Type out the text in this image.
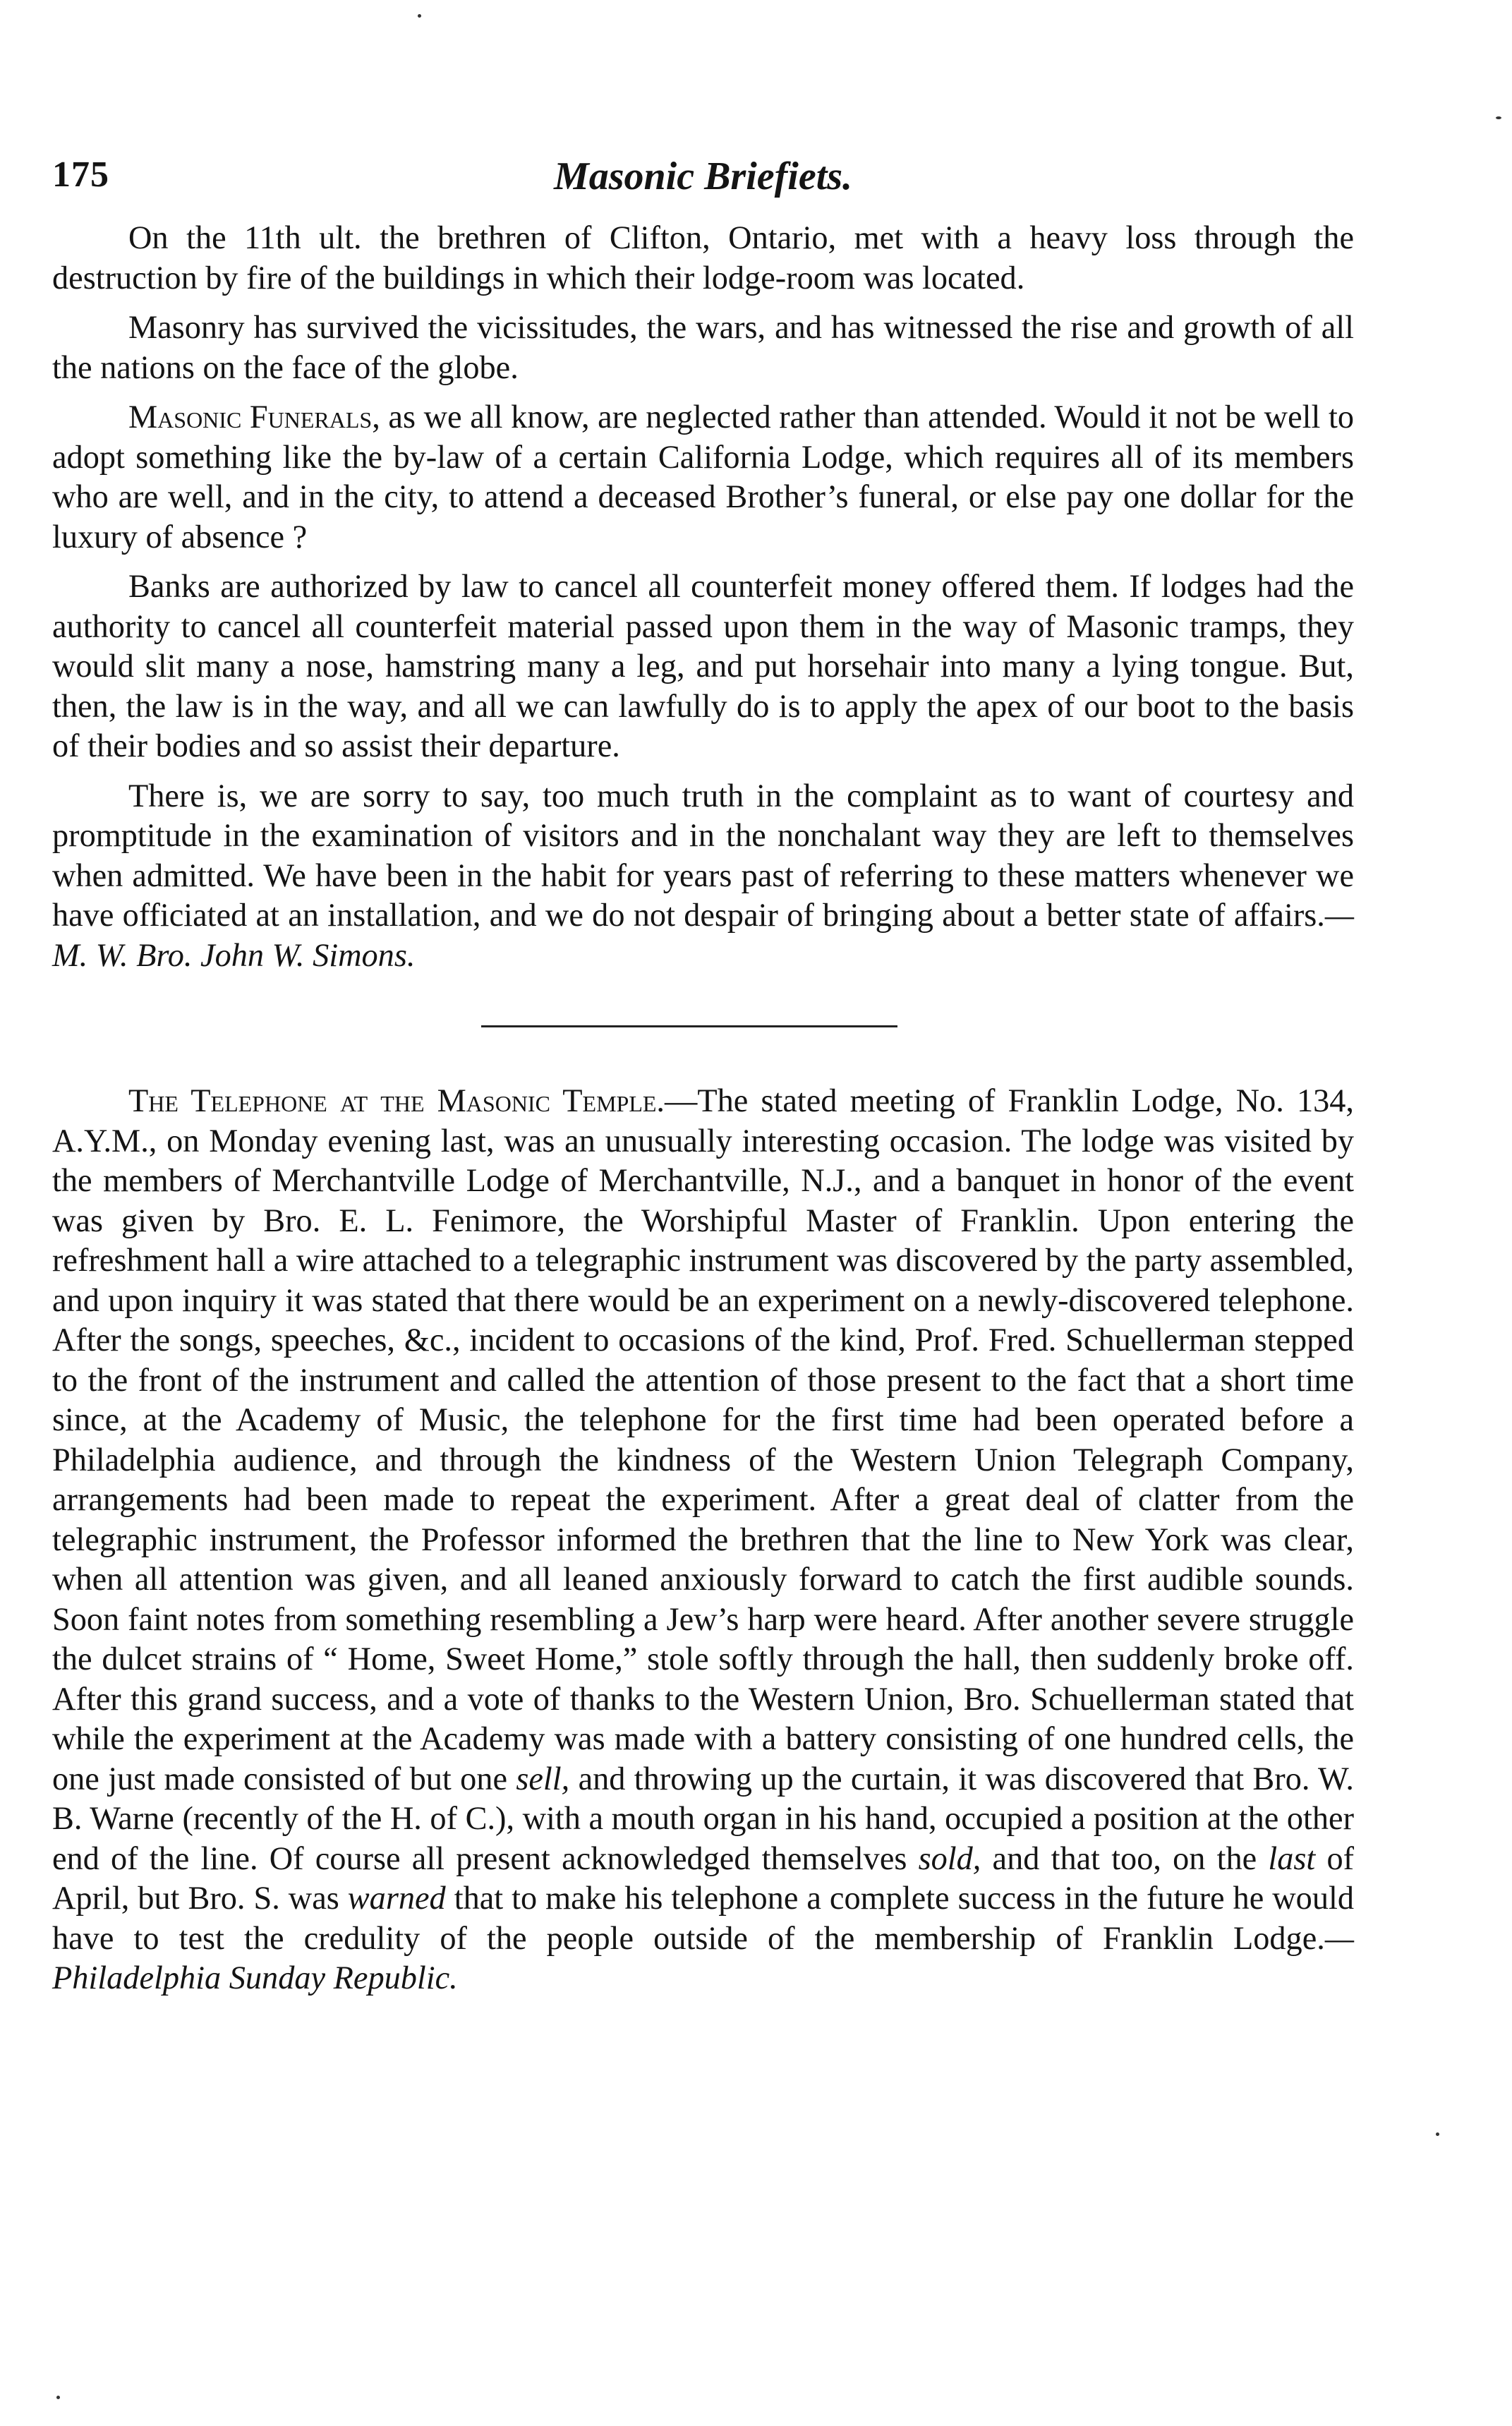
175	Masonic Briefiets.

On the 11th ult. the brethren of Clifton, Ontario, met with a heavy loss through the destruction by fire of the buildings in which their lodge-room was located.

Masonry has survived the vicissitudes, the wars, and has witnessed the rise and growth of all the nations on the face of the globe.

Masonic Funerals, as we all know, are neglected rather than attended. Would it not be well to adopt something like the by-law of a certain California Lodge, which requires all of its members who are well, and in the city, to attend a deceased Brother’s funeral, or else pay one dollar for the luxury of absence ?

Banks are authorized by law to cancel all counterfeit money offered them. If lodges had the authority to cancel all counterfeit material passed upon them in the way of Masonic tramps, they would slit many a nose, hamstring many a leg, and put horsehair into many a lying tongue. But, then, the law is in the way, and all we can lawfully do is to apply the apex of our boot to the basis of their bodies and so assist their departure.

There is, we are sorry to say, too much truth in the complaint as to want of courtesy and promptitude in the examination of visitors and in the nonchalant way they are left to themselves when admitted. We have been in the habit for years past of referring to these matters whenever we have officiated at an installation, and we do not despair of bringing about a better state of affairs.—M. W. Bro. John W. Simons.

The Telephone at the Masonic Temple.—The stated meeting of Franklin Lodge, No. 134, A.Y.M., on Monday evening last, was an unusually interesting occasion. The lodge was visited by the members of Merchantville Lodge of Merchantville, N.J., and a banquet in honor of the event was given by Bro. E. L. Fenimore, the Worshipful Master of Franklin. Upon entering the refreshment hall a wire attached to a telegraphic instrument was discovered by the party assembled, and upon inquiry it was stated that there would be an experiment on a newly-discovered telephone. After the songs, speeches, &c., incident to occasions of the kind, Prof. Fred. Schuellerman stepped to the front of the instrument and called the attention of those present to the fact that a short time since, at the Academy of Music, the telephone for the first time had been operated before a Philadelphia audience, and through the kindness of the Western Union Telegraph Company, arrangements had been made to repeat the experiment. After a great deal of clatter from the telegraphic instrument, the Professor informed the brethren that the line to New York was clear, when all attention was given, and all leaned anxiously forward to catch the first audible sounds. Soon faint notes from something resembling a Jew’s harp were heard. After another severe struggle the dulcet strains of “ Home, Sweet Home,” stole softly through the hall, then suddenly broke off. After this grand success, and a vote of thanks to the Western Union, Bro. Schuellerman stated that while the experiment at the Academy was made with a battery consisting of one hundred cells, the one just made consisted of but one sell, and throwing up the curtain, it was discovered that Bro. W. B. Warne (recently of the H. of C.), with a mouth organ in his hand, occupied a position at the other end of the line. Of course all present acknowledged themselves sold, and that too, on the last of April, but Bro. S. was warned that to make his telephone a complete success in the future he would have to test the credulity of the people outside of the membership of Franklin Lodge.—Philadelphia Sunday Republic.
